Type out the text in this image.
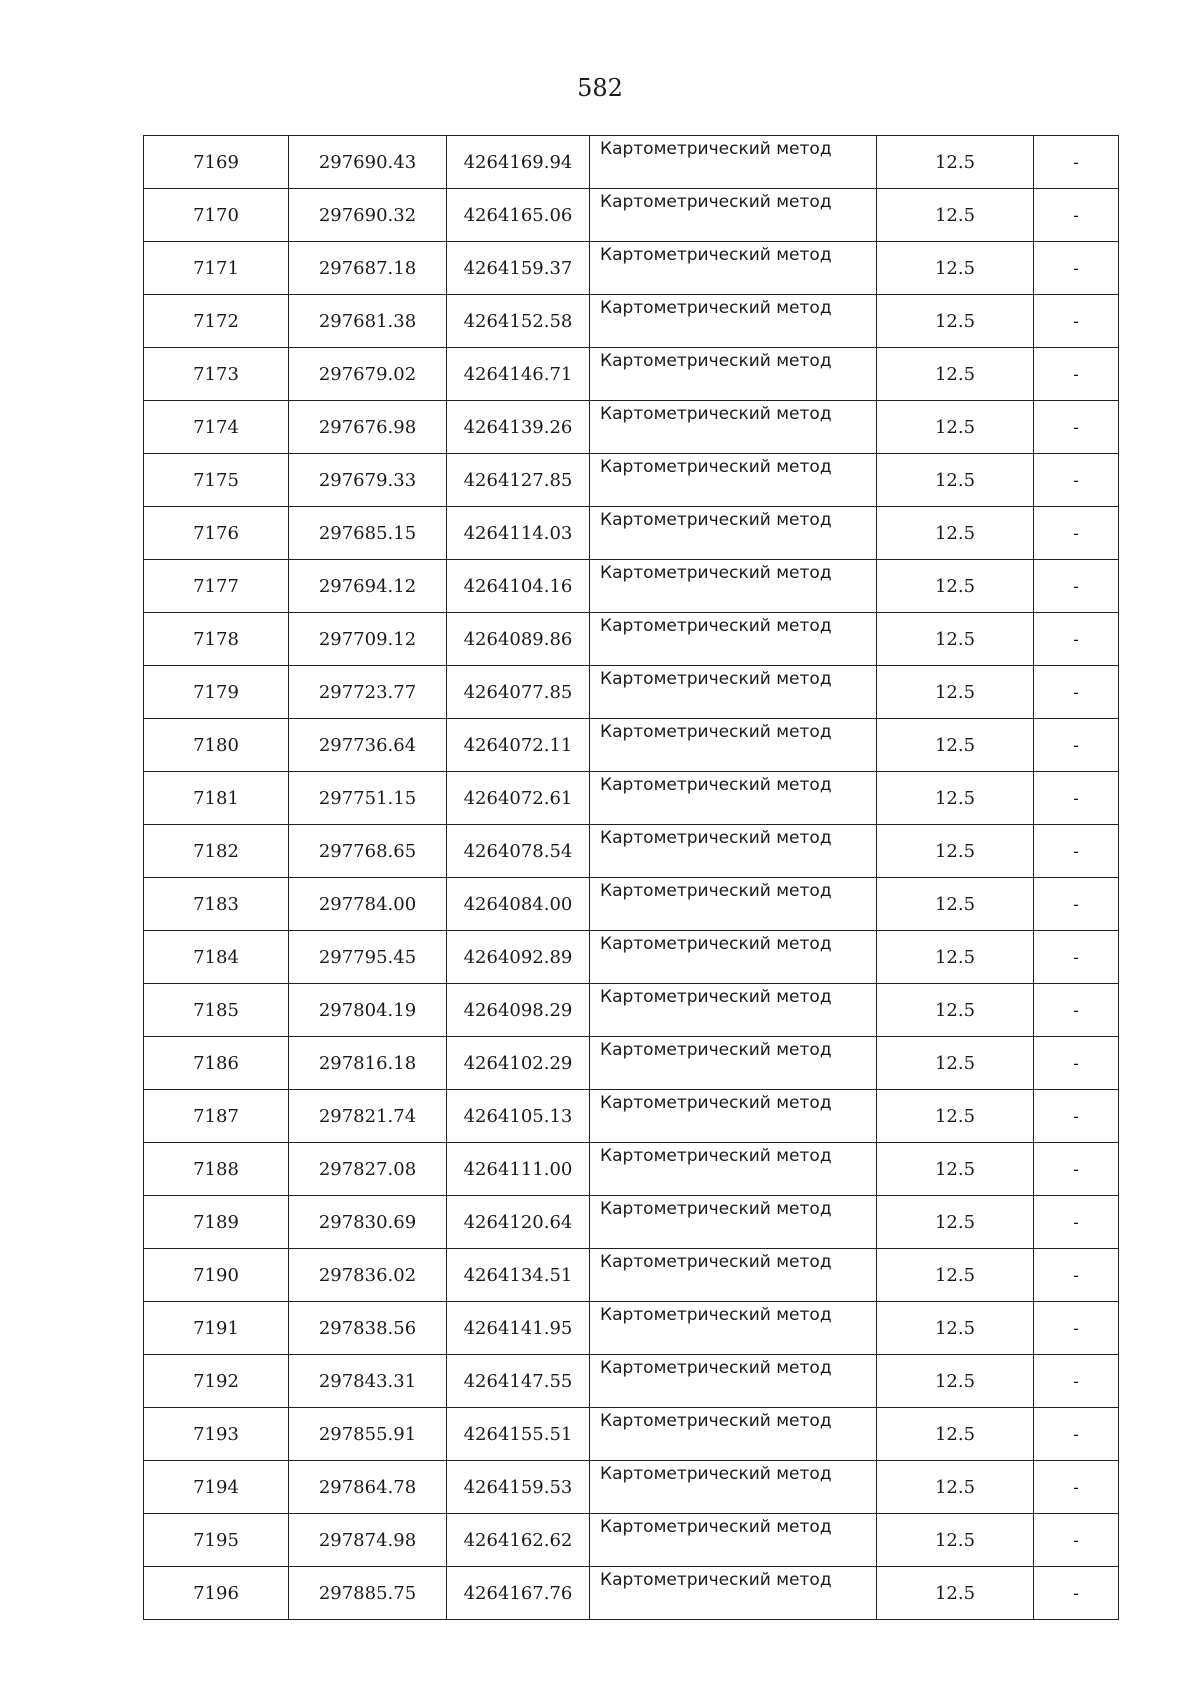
582
7169	297690.43	4264169.94	Картометрический метод	12.5	-
7170	297690.32	4264165.06	Картометрический метод	12.5	-
7171	297687.18	4264159.37	Картометрический метод	12.5	-
7172	297681.38	4264152.58	Картометрический метод	12.5	-
7173	297679.02	4264146.71	Картометрический метод	12.5	-
7174	297676.98	4264139.26	Картометрический метод	12.5	-
7175	297679.33	4264127.85	Картометрический метод	12.5	-
7176	297685.15	4264114.03	Картометрический метод	12.5	-
7177	297694.12	4264104.16	Картометрический метод	12.5	-
7178	297709.12	4264089.86	Картометрический метод	12.5	-
7179	297723.77	4264077.85	Картометрический метод	12.5	-
7180	297736.64	4264072.11	Картометрический метод	12.5	-
7181	297751.15	4264072.61	Картометрический метод	12.5	-
7182	297768.65	4264078.54	Картометрический метод	12.5	-
7183	297784.00	4264084.00	Картометрический метод	12.5	-
7184	297795.45	4264092.89	Картометрический метод	12.5	-
7185	297804.19	4264098.29	Картометрический метод	12.5	-
7186	297816.18	4264102.29	Картометрический метод	12.5	-
7187	297821.74	4264105.13	Картометрический метод	12.5	-
7188	297827.08	4264111.00	Картометрический метод	12.5	-
7189	297830.69	4264120.64	Картометрический метод	12.5	-
7190	297836.02	4264134.51	Картометрический метод	12.5	-
7191	297838.56	4264141.95	Картометрический метод	12.5	-
7192	297843.31	4264147.55	Картометрический метод	12.5	-
7193	297855.91	4264155.51	Картометрический метод	12.5	-
7194	297864.78	4264159.53	Картометрический метод	12.5	-
7195	297874.98	4264162.62	Картометрический метод	12.5	-
7196	297885.75	4264167.76	Картометрический метод	12.5	-
